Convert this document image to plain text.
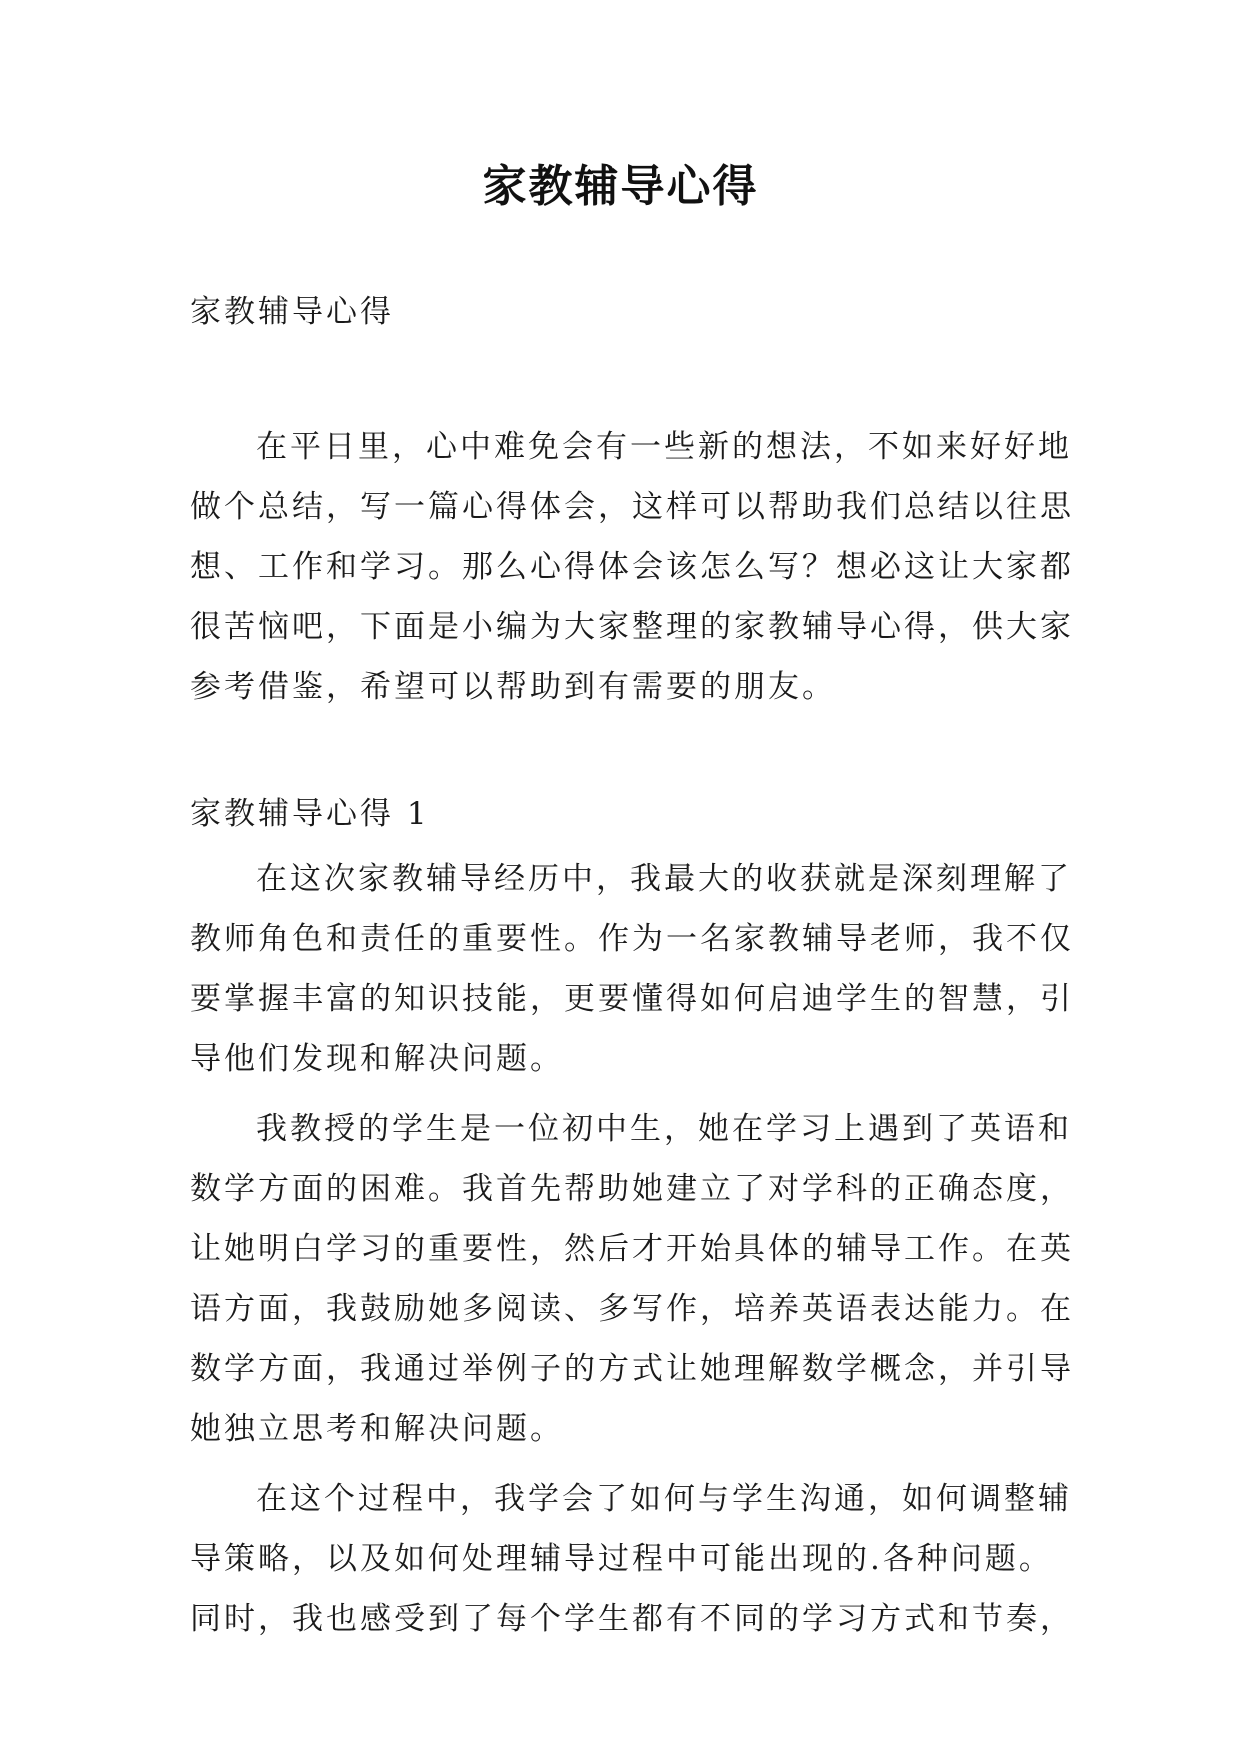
家教辅导心得

家教辅导心得

在平日里，心中难免会有一些新的想法，不如来好好地

做个总结，写一篇心得体会，这样可以帮助我们总结以往思

想、工作和学习。那么心得体会该怎么写？想必这让大家都

很苦恼吧，下面是小编为大家整理的家教辅导心得，供大家

参考借鉴，希望可以帮助到有需要的朋友。

家教辅导心得 1

在这次家教辅导经历中，我最大的收获就是深刻理解了

教师角色和责任的重要性。作为一名家教辅导老师，我不仅

要掌握丰富的知识技能，更要懂得如何启迪学生的智慧，引

导他们发现和解决问题。

我教授的学生是一位初中生，她在学习上遇到了英语和

数学方面的困难。我首先帮助她建立了对学科的正确态度，

让她明白学习的重要性，然后才开始具体的辅导工作。在英

语方面，我鼓励她多阅读、多写作，培养英语表达能力。在

数学方面，我通过举例子的方式让她理解数学概念，并引导

她独立思考和解决问题。

在这个过程中，我学会了如何与学生沟通，如何调整辅

导策略，以及如何处理辅导过程中可能出现的.各种问题。

同时，我也感受到了每个学生都有不同的学习方式和节奏，
